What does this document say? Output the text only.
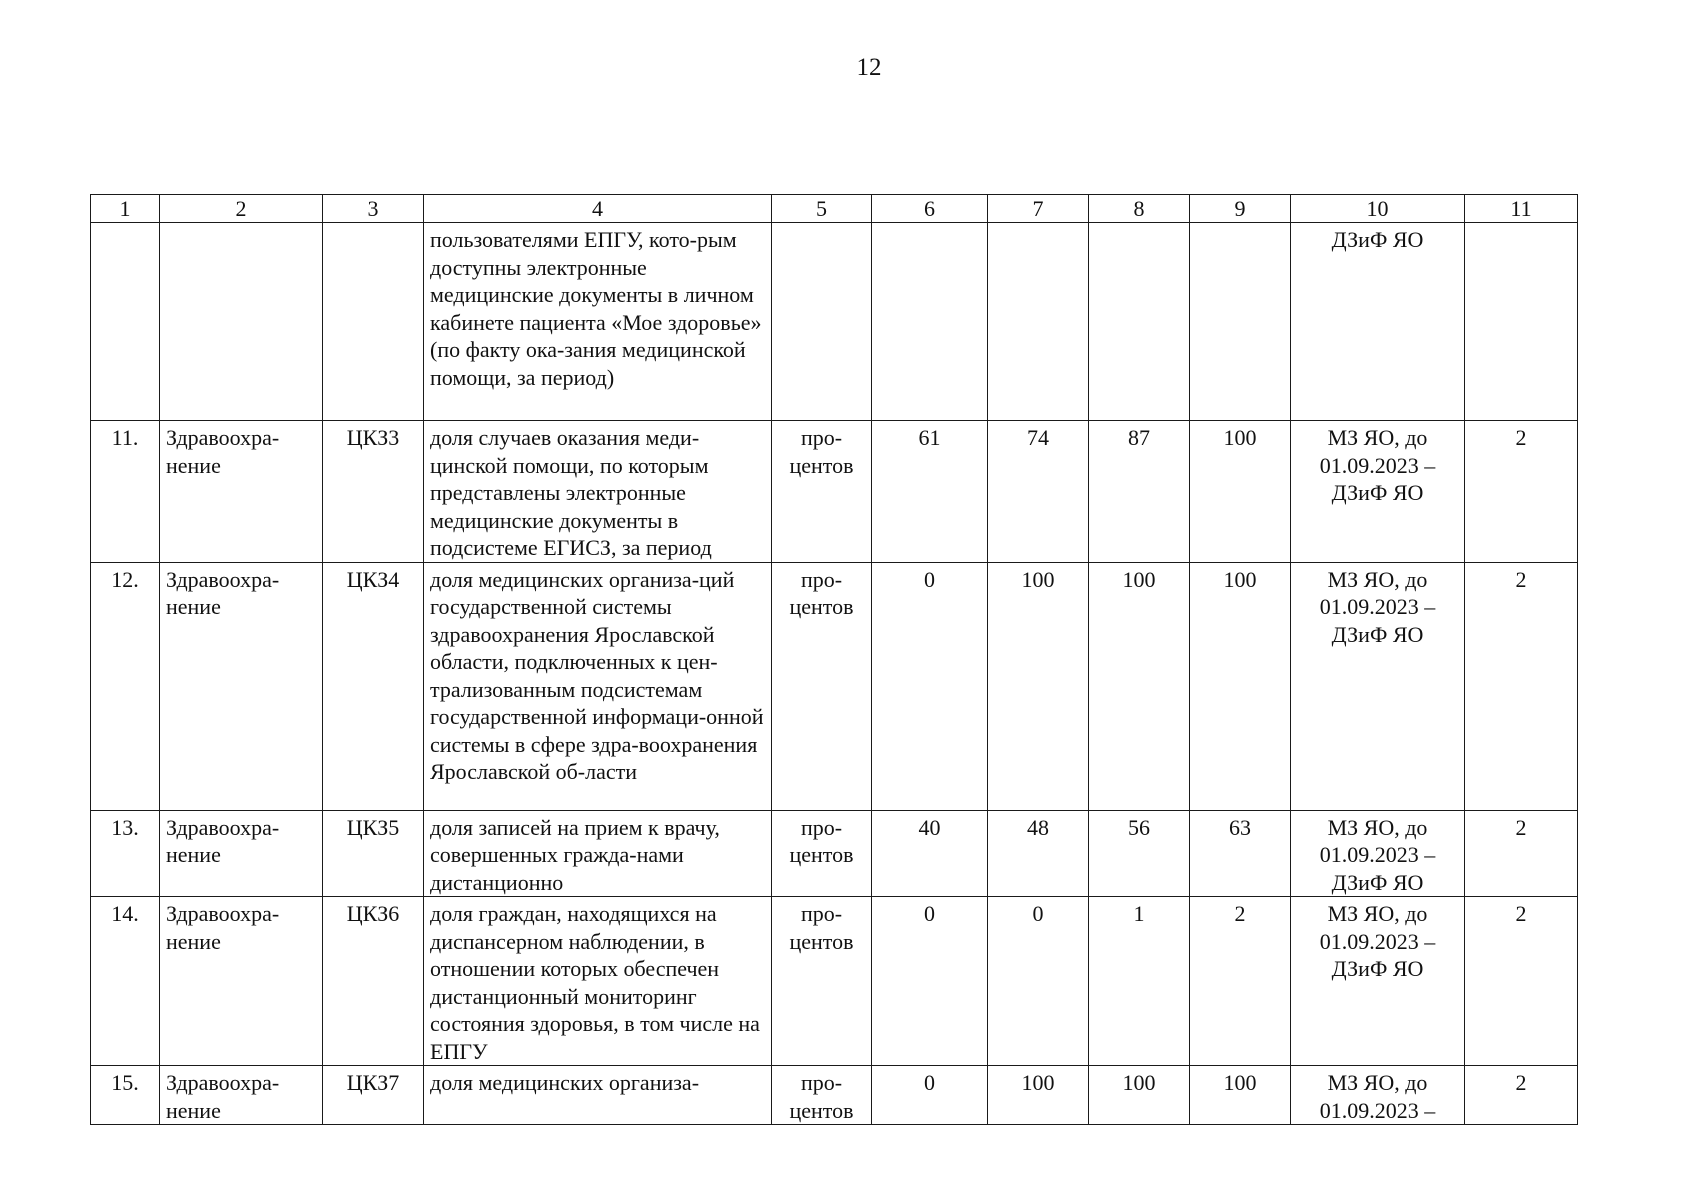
12
1	2	3	4	5	6	7	8	9	10	11
			пользователями ЕПГУ, кото-рым доступны электронные медицинские документы в личном кабинете пациента «Мое здоровье» (по факту ока-зания медицинской помощи, за период)						ДЗиФ ЯО	
11.	Здравоохра-нение	ЦКЗ3	доля случаев оказания меди-цинской помощи, по которым представлены электронные медицинские документы в подсистеме ЕГИСЗ, за период	про-центов	61	74	87	100	МЗ ЯО, до 01.09.2023 – ДЗиФ ЯО	2
12.	Здравоохра-нение	ЦКЗ4	доля медицинских организа-ций государственной системы здравоохранения Ярославской области, подключенных к цен-трализованным подсистемам государственной информаци-онной системы в сфере здра-воохранения Ярославской об-ласти	про-центов	0	100	100	100	МЗ ЯО, до 01.09.2023 – ДЗиФ ЯО	2
13.	Здравоохра-нение	ЦКЗ5	доля записей на прием к врачу, совершенных гражда-нами дистанционно	про-центов	40	48	56	63	МЗ ЯО, до 01.09.2023 – ДЗиФ ЯО	2
14.	Здравоохра-нение	ЦКЗ6	доля граждан, находящихся на диспансерном наблюдении, в отношении которых обеспечен дистанционный мониторинг состояния здоровья, в том числе на ЕПГУ	про-центов	0	0	1	2	МЗ ЯО, до 01.09.2023 – ДЗиФ ЯО	2
15.	Здравоохра-нение	ЦКЗ7	доля медицинских организа-	про-центов	0	100	100	100	МЗ ЯО, до 01.09.2023 –	2
